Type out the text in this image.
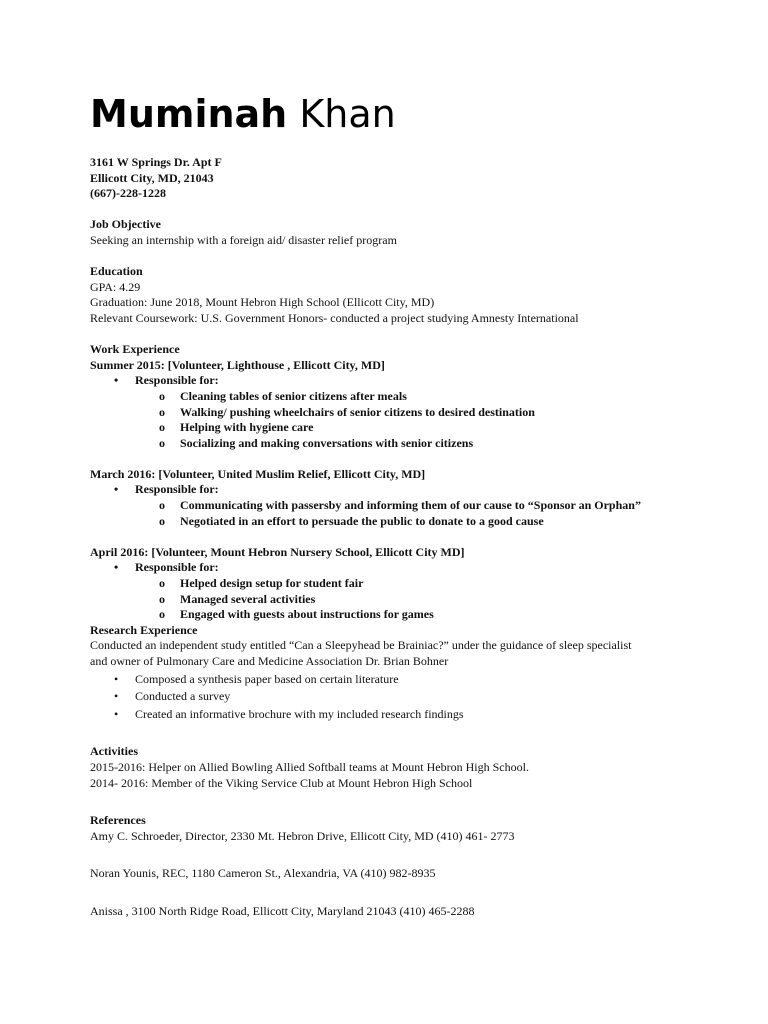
Muminah Khan
3161 W Springs Dr. Apt F
Ellicott City, MD, 21043
(667)-228-1228
Job Objective
Seeking an internship with a foreign aid/ disaster relief program
Education
GPA: 4.29
Graduation: June 2018, Mount Hebron High School (Ellicott City, MD)
Relevant Coursework: U.S. Government Honors- conducted a project studying Amnesty International
Work Experience
Summer 2015: [Volunteer, Lighthouse , Ellicott City, MD]
• Responsible for:
o Cleaning tables of senior citizens after meals
o Walking/ pushing wheelchairs of senior citizens to desired destination
o Helping with hygiene care
o Socializing and making conversations with senior citizens
March 2016: [Volunteer, United Muslim Relief, Ellicott City, MD]
• Responsible for:
o Communicating with passersby and informing them of our cause to “Sponsor an Orphan”
o Negotiated in an effort to persuade the public to donate to a good cause
April 2016: [Volunteer, Mount Hebron Nursery School, Ellicott City MD]
• Responsible for:
o Helped design setup for student fair
o Managed several activities
o Engaged with guests about instructions for games
Research Experience
Conducted an independent study entitled “Can a Sleepyhead be Brainiac?” under the guidance of sleep specialist
and owner of Pulmonary Care and Medicine Association Dr. Brian Bohner
• Composed a synthesis paper based on certain literature
• Conducted a survey
• Created an informative brochure with my included research findings
Activities
2015-2016: Helper on Allied Bowling Allied Softball teams at Mount Hebron High School.
2014- 2016: Member of the Viking Service Club at Mount Hebron High School
References
Amy C. Schroeder, Director, 2330 Mt. Hebron Drive, Ellicott City, MD (410) 461- 2773
Noran Younis, REC, 1180 Cameron St., Alexandria, VA (410) 982-8935
Anissa , 3100 North Ridge Road, Ellicott City, Maryland 21043 (410) 465-2288
